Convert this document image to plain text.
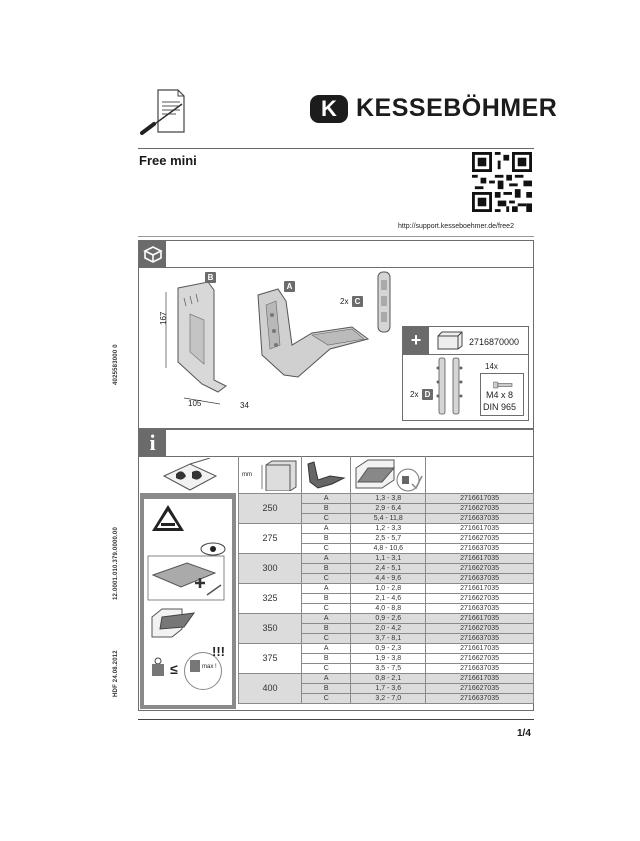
4025583000 0
12.0001.010.379.0000.00
HDF 24.08.2012
K KESSEBÖHMER
Free mini
http://support.kesseboehmer.de/free2
167
105	34
B
A
2x C
+	2716870000
2x D
14x
M4 x 8
DIN 965
i
mm
≤	max !
!!!
250	A	1,3 - 3,8	2716617035
	B	2,9 - 6,4	2716627035
	C	5,4 - 11,8	2716637035
275	A	1,2 - 3,3	2716617035
	B	2,5 - 5,7	2716627035
	C	4,8 - 10,6	2716637035
300	A	1,1 - 3,1	2716617035
	B	2,4 - 5,1	2716627035
	C	4,4 - 9,6	2716637035
325	A	1,0 - 2,8	2716617035
	B	2,1 - 4,6	2716627035
	C	4,0 - 8,8	2716637035
350	A	0,9 - 2,6	2716617035
	B	2,0 - 4,2	2716627035
	C	3,7 - 8,1	2716637035
375	A	0,9 - 2,3	2716617035
	B	1,9 - 3,8	2716627035
	C	3,5 - 7,5	2716637035
400	A	0,8 - 2,1	2716617035
	B	1,7 - 3,6	2716627035
	C	3,2 - 7,0	2716637035
1/4
